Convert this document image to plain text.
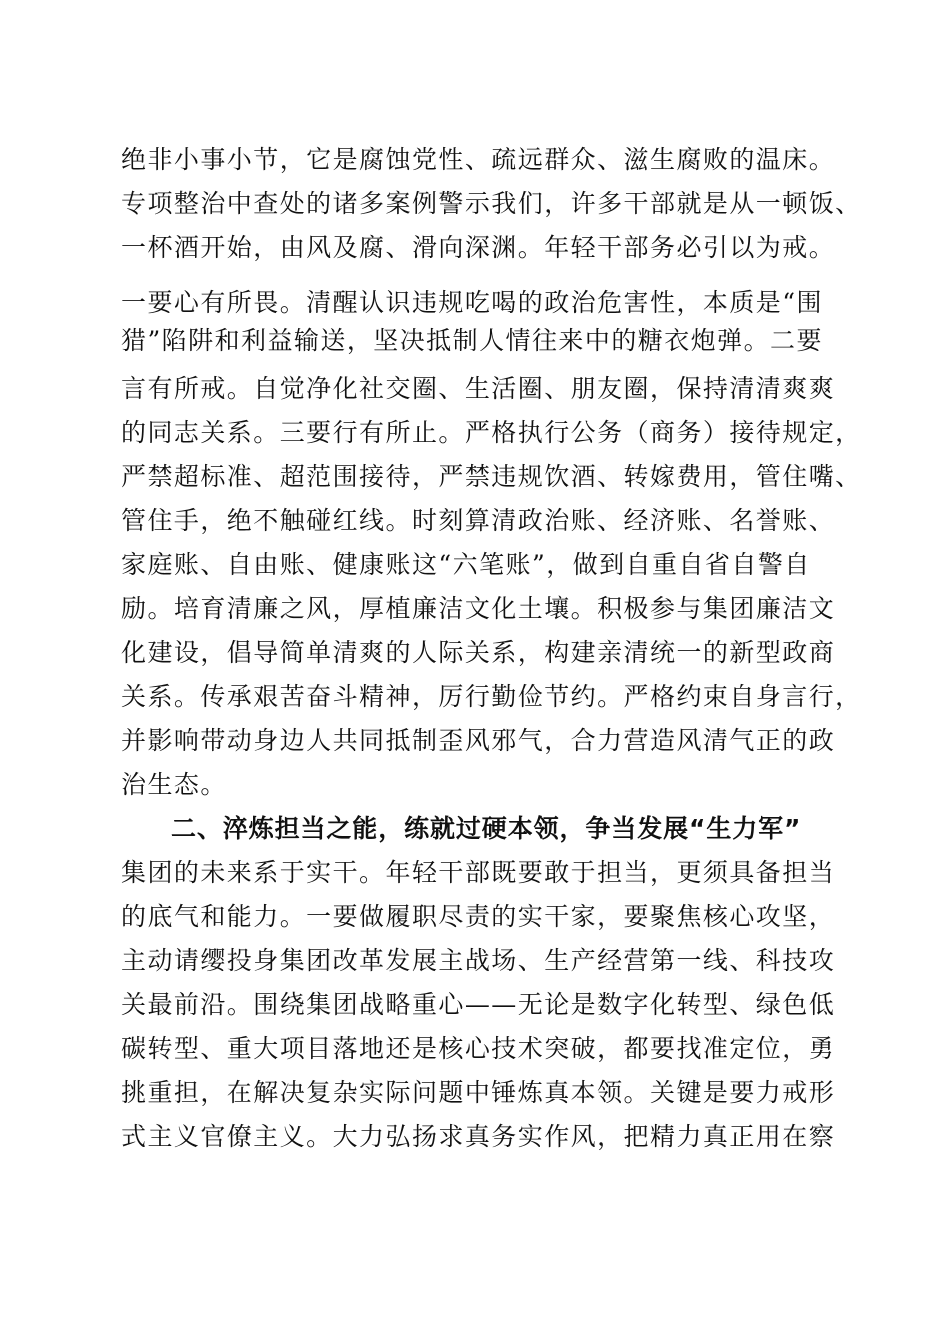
绝非小事小节，它是腐蚀党性、疏远群众、滋生腐败的温床。
专项整治中查处的诸多案例警示我们，许多干部就是从一顿饭、
一杯酒开始，由风及腐、滑向深渊。年轻干部务必引以为戒。
一要心有所畏。清醒认识违规吃喝的政治危害性，本质是“围
猎”陷阱和利益输送，坚决抵制人情往来中的糖衣炮弹。二要
言有所戒。自觉净化社交圈、生活圈、朋友圈，保持清清爽爽
的同志关系。三要行有所止。严格执行公务（商务）接待规定，
严禁超标准、超范围接待，严禁违规饮酒、转嫁费用，管住嘴、
管住手，绝不触碰红线。时刻算清政治账、经济账、名誉账、
家庭账、自由账、健康账这“六笔账”，做到自重自省自警自
励。培育清廉之风，厚植廉洁文化土壤。积极参与集团廉洁文
化建设，倡导简单清爽的人际关系，构建亲清统一的新型政商
关系。传承艰苦奋斗精神，厉行勤俭节约。严格约束自身言行，
并影响带动身边人共同抵制歪风邪气，合力营造风清气正的政
治生态。
二、淬炼担当之能，练就过硬本领，争当发展“生力军”
集团的未来系于实干。年轻干部既要敢于担当，更须具备担当
的底气和能力。一要做履职尽责的实干家，要聚焦核心攻坚，
主动请缨投身集团改革发展主战场、生产经营第一线、科技攻
关最前沿。围绕集团战略重心——无论是数字化转型、绿色低
碳转型、重大项目落地还是核心技术突破，都要找准定位，勇
挑重担，在解决复杂实际问题中锤炼真本领。关键是要力戒形
式主义官僚主义。大力弘扬求真务实作风，把精力真正用在察
